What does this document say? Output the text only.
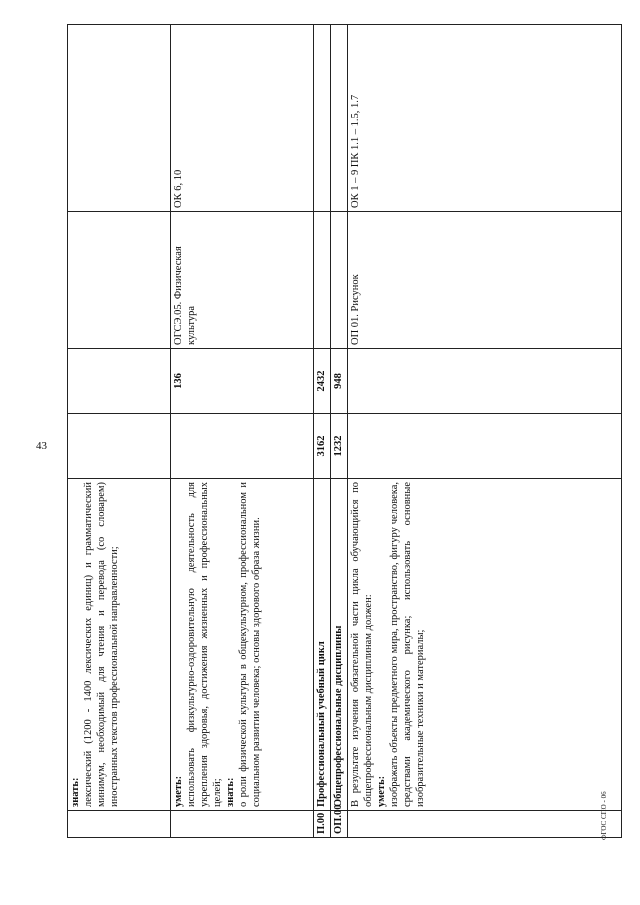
43

	знать: лексический (1200 - 1400 лексических единиц) и грамматический минимум, необходимый для чтения и перевода (со словарем) иностранных текстов профессиональной направленности;				

	уметь: использовать физкультурно-оздоровительную деятельность для укрепления здоровья, достижения жизненных и профессиональных целей; знать: о роли физической культуры в общекультурном, профессиональном и социальном развитии человека; основы здорового образа жизни.		136	ОГСЭ.05. Физическая культура	ОК 6, 10
П.00	Профессиональный учебный цикл	3162	2432		
ОП.00	Общепрофессиональные дисциплины	1232	948		

	В результате изучения обязательной части цикла обучающийся по общепрофессиональным дисциплинам должен: уметь: изображать объекты предметного мира, пространство, фигуру человека, средствами академического рисунка; использовать основные изобразительные техники и материалы;			ОП 01. Рисунок	ОК 1 – 9 ПК 1.1 – 1.5, 1.7
ФГОС СПО - 06
